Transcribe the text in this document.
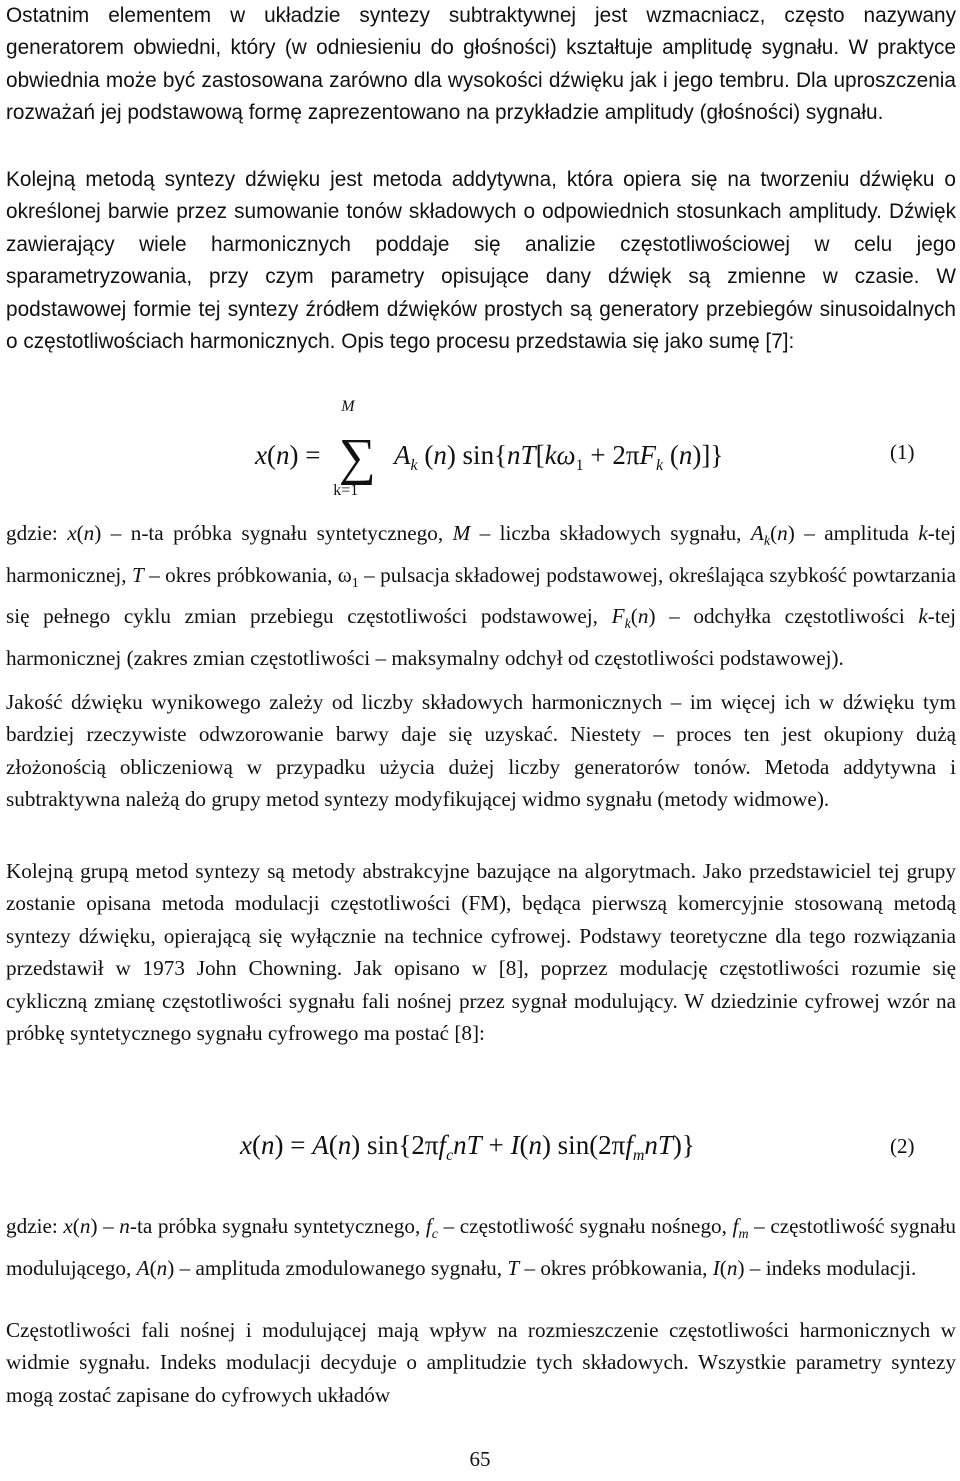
Ostatnim elementem w układzie syntezy subtraktywnej jest wzmacniacz, często nazywany generatorem obwiedni, który (w odniesieniu do głośności) kształtuje amplitudę sygnału. W praktyce obwiednia może być zastosowana zarówno dla wysokości dźwięku jak i jego tembru. Dla uproszczenia rozważań jej podstawową formę zaprezentowano na przykładzie amplitudy (głośności) sygnału.

Kolejną metodą syntezy dźwięku jest metoda addytywna, która opiera się na tworzeniu dźwięku o określonej barwie przez sumowanie tonów składowych o odpowiednich stosunkach amplitudy. Dźwięk zawierający wiele harmonicznych poddaje się analizie częstotliwościowej w celu jego sparametryzowania, przy czym parametry opisujące dany dźwięk są zmienne w czasie. W podstawowej formie tej syntezy źródłem dźwięków prostych są generatory przebiegów sinusoidalnych o częstotliwościach harmonicznych. Opis tego procesu przedstawia się jako sumę [7]:

x(n) =
M
∑
k=1
$A_k$ (n) $\sin\{nT[k\omega_1 + 2\pi F_k$ (n)]}	(1)

gdzie: x(n) – n-ta próbka sygnału syntetycznego, M – liczba składowych sygnału, $A_k(n)$ – amplituda k-tej harmonicznej, T – okres próbkowania, $\omega_1$ – pulsacja składowej podstawowej, określająca szybkość powtarzania się pełnego cyklu zmian przebiegu częstotliwości podstawowej, $F_k(n)$ – odchyłka częstotliwości k-tej harmonicznej (zakres zmian częstotliwości – maksymalny odchył od częstotliwości podstawowej).

Jakość dźwięku wynikowego zależy od liczby składowych harmonicznych – im więcej ich w dźwięku tym bardziej rzeczywiste odwzorowanie barwy daje się uzyskać. Niestety – proces ten jest okupiony dużą złożonością obliczeniową w przypadku użycia dużej liczby generatorów tonów. Metoda addytywna i subtraktywna należą do grupy metod syntezy modyfikującej widmo sygnału (metody widmowe).

Kolejną grupą metod syntezy są metody abstrakcyjne bazujące na algorytmach. Jako przedstawiciel tej grupy zostanie opisana metoda modulacji częstotliwości (FM), będąca pierwszą komercyjnie stosowaną metodą syntezy dźwięku, opierającą się wyłącznie na technice cyfrowej. Podstawy teoretyczne dla tego rozwiązania przedstawił w 1973 John Chowning. Jak opisano w [8], poprzez modulację częstotliwości rozumie się cykliczną zmianę częstotliwości sygnału fali nośnej przez sygnał modulujący. W dziedzinie cyfrowej wzór na próbkę syntetycznego sygnału cyfrowego ma postać [8]:

x(n) = A(n) $\sin\{2\pi f_cnT + I(n)$ $\sin(2\pi f_mnT)$}	(2)

gdzie: x(n) – n-ta próbka sygnału syntetycznego, $f_c$ – częstotliwość sygnału nośnego, $f_m$ – częstotliwość sygnału modulującego, A(n) – amplituda zmodulowanego sygnału, T – okres próbkowania, I(n) – indeks modulacji.

Częstotliwości fali nośnej i modulującej mają wpływ na rozmieszczenie częstotliwości harmonicznych w widmie sygnału. Indeks modulacji decyduje o amplitudzie tych składowych. Wszystkie parametry syntezy mogą zostać zapisane do cyfrowych układów

65
